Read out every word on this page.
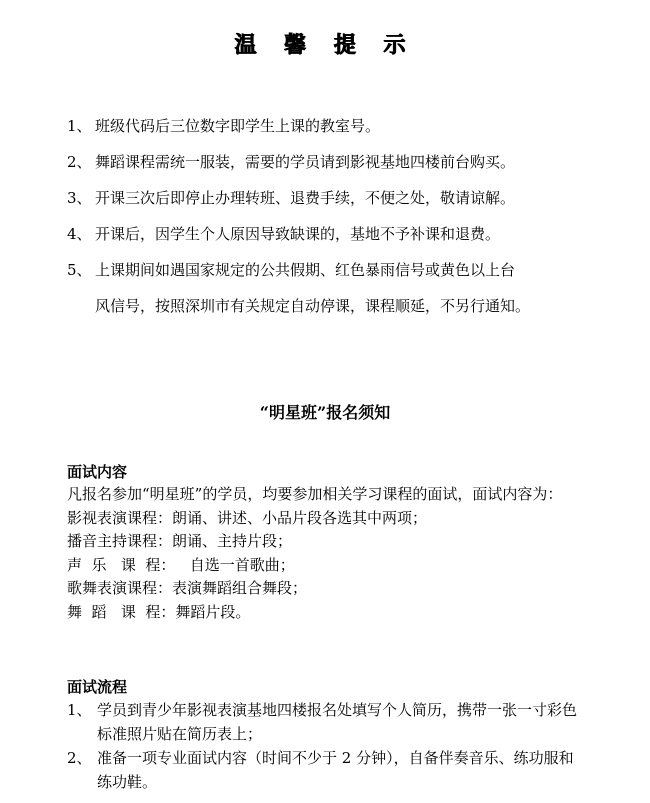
温 馨 提 示
1、 班级代码后三位数字即学生上课的教室号。
2、 舞蹈课程需统一服装，需要的学员请到影视基地四楼前台购买。
3、 开课三次后即停止办理转班、退费手续，不便之处，敬请谅解。
4、 开课后，因学生个人原因导致缺课的，基地不予补课和退费。
5、 上课期间如遇国家规定的公共假期、红色暴雨信号或黄色以上台
风信号，按照深圳市有关规定自动停课，课程顺延，不另行通知。
“明星班”报名须知

面试内容

凡报名参加“明星班”的学员，均要参加相关学习课程的面试，面试内容为：

影视表演课程：朗诵、讲述、小品片段各选其中两项；

播音主持课程：朗诵、主持片段；

声  乐   课  程：   自选一首歌曲；

歌舞表演课程：表演舞蹈组合舞段；

舞  蹈   课  程：舞蹈片段。

面试流程

1、 学员到青少年影视表演基地四楼报名处填写个人简历，携带一张一寸彩色标准照片贴在简历表上；
2、 准备一项专业面试内容（时间不少于 2 分钟），自备伴奏音乐、练功服和练功鞋。
